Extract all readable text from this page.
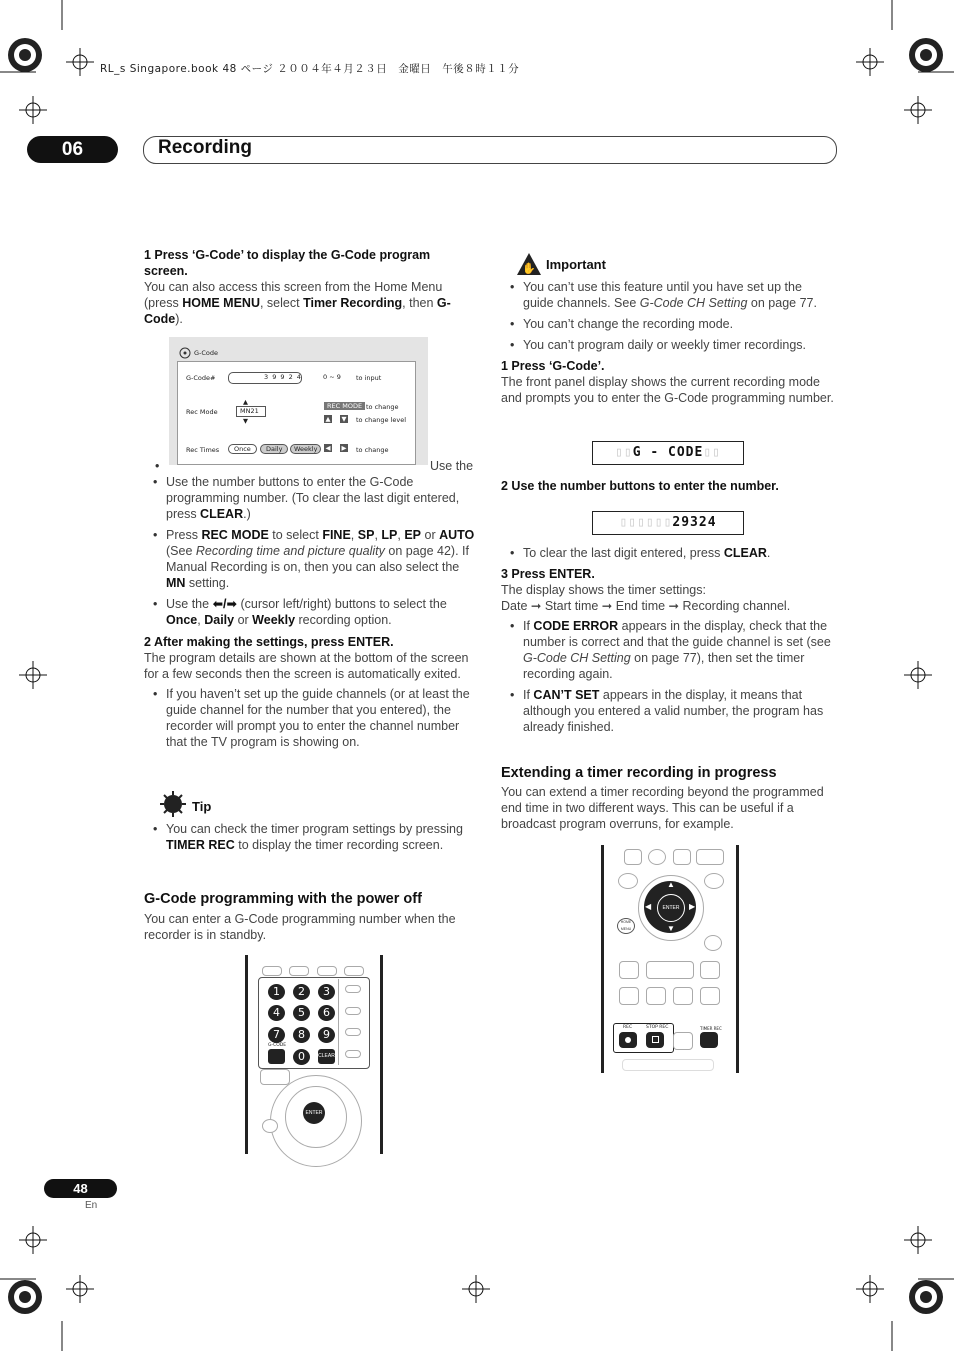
RL_s Singapore.book 48 ページ ２００４年４月２３日　金曜日　午後８時１１分
06	Recording

1 Press ‘G-Code’ to display the G-Code program screen.

You can also access this screen from the Home Menu (press HOME MENU, select Timer Recording, then G-Code).

G-Code
G-Code#	3 9 9 2 4	0 ~ 9 to input
Rec Mode
▲
MN21
▼
REC MODE to change
▲ ▼ to change level
Rec Times	Once	Daily	Weekly	◀ ▶ to change
•	Use the
• Use the number buttons to enter the G-Code programming number. (To clear the last digit entered, press CLEAR.)
• Press REC MODE to select FINE, SP, LP, EP or AUTO (See Recording time and picture quality on page 42). If Manual Recording is on, then you can also select the MN setting.
• Use the ⬅/➡ (cursor left/right) buttons to select the Once, Daily or Weekly recording option.

2 After making the settings, press ENTER.

The program details are shown at the bottom of the screen for a few seconds then the screen is automatically exited.

• If you haven’t set up the guide channels (or at least the guide channel for the number that you entered), the recorder will prompt you to enter the channel number that the TV program is showing on.
Tip
• You can check the timer program settings by pressing TIMER REC to display the timer recording screen.
G-Code programming with the power off
You can enter a G-Code programming number when the recorder is in standby.
1	2	3
4	5	6
7	8	9
G-CODE
0	CLEAR
ENTER
✋ Important
• You can’t use this feature until you have set up the guide channels. See G-Code CH Setting on page 77.
• You can’t change the recording mode.
• You can’t program daily or weekly timer recordings.

1 Press ‘G-Code’.

The front panel display shows the current recording mode and prompts you to enter the G-Code programming number.

▯▯G - CODE▯▯

2 Use the number buttons to enter the number.

▯▯▯▯▯▯29324
• To clear the last digit entered, press CLEAR.

3 Press ENTER.

The display shows the timer settings:

Date ➞ Start time ➞ End time ➞ Recording channel.

• If CODE ERROR appears in the display, check that the number is correct and that the guide channel is set (see G-Code CH Setting on page 77), then set the timer recording again.
• If CAN’T SET appears in the display, it means that although you entered a valid number, the program has already finished.
Extending a timer recording in progress
You can extend a timer recording beyond the programmed end time in two different ways. This can be useful if a broadcast program overruns, for example.
▲
▼
◀	▶
ENTER
HOME MENU
REC	STOP REC	TIMER REC
48
En
